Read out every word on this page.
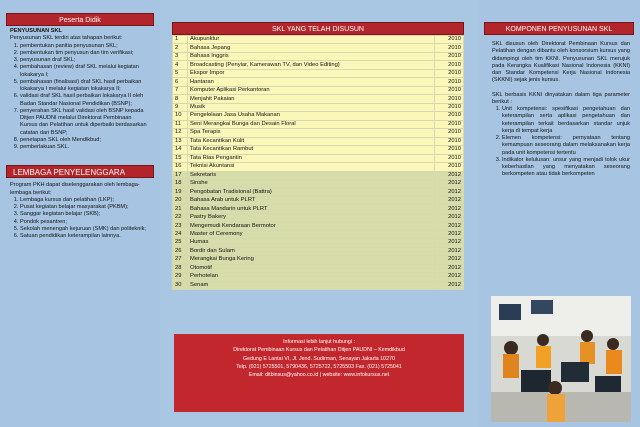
Peserta Didik

PENYUSUNAN SKL

Penyusunan SKL terdiri atas tahapan berikut:

1. pembentukan panitia penyusunan SKL;
2. pembentukan tim penyusun dan tim verifikasi;
3. penyusunan draf SKL;
4. pembahasan (review) draf SKL melalui kegiatan lokakarya I;
5. pembahasan (finalisasi) draf SKL hasil perbaikan lokakarya I melalui kegiatan lokakarya II;
6. validasi draf SKL hasil perbaikan lokakarya II oleh Badan Standar Nasional Pendidikan (BSNP);
7. penyerahan SKL hasil validasi oleh BSNP kepada Ditjen PAUDNI melalui Direktorat Pembinaan Kursus dan Pelatihan untuk diperbaiki berdasarkan catatan dari BSNP;
8. penetapan SKL oleh Mendikbud;
9. pemberlakuan SKL.
LEMBAGA PENYELENGGARA

Program PKH dapat diselenggarakan oleh lembaga-lembaga berikut:

1. Lembaga kursus dan pelatihan (LKP);
2. Pusat kegiatan belajar masyarakat (PKBM);
3. Sanggar kegiatan belajar (SKB);
4. Pondok pesantren;
5. Sekolah menengah kejuruan (SMK) dan politeknik;
6. Satuan pendidikan keterampilan lainnya.
SKL YANG TELAH DISUSUN
1	Akupunktur	2010
2	Bahasa Jepang	2010
3	Bahasa Inggris	2010
4	Broadcasting (Penyiar, Kamerawan TV, dan Video Editing)	2010
5	Ekspor Impor	2010
6	Hantaran	2010
7	Komputer Aplikasi Perkantoran	2010
8	Menjahit Pakaian	2010
9	Musik	2010
10	Pengelolaan Jasa Usaha Makanan	2010
11	Seni Merangkai Bunga dan Desain Floral	2010
12	Spa Terapis	2010
13	Tata Kecantikan Kulit	2010
14	Tata Kecantikan Rambut	2010
15	Tata Rias Pengantin	2010
16	Teknisi Akuntansi	2010
17	Sekretaris	2012
18	Sinshe	2012
19	Pengobatan Tradisional (Battra)	2012
20	Bahasa Arab untuk PLRT	2012
21	Bahasa Mandarin untuk PLRT	2012
22	Pastry Bakery	2012
23	Mengemudi Kendaraan Bermotor	2012
24	Master of Ceremony	2012
25	Humas	2012
26	Bordir dan Sulam	2012
27	Merangkai Bunga Kering	2012
28	Otomotif	2012
29	Perhotelan	2012
30	Senam	2012
Informasi lebih lanjut hubungi :
Direktorat Pembinaan Kursus dan Pelatihan Ditjen PAUDNI – Kemdikbud
Gedung E Lantai VI, Jl. Jend. Sudirman, Senayan Jakarta 10270
Telp. (021) 5725501, 5790436, 5725722, 5725503 Fax. (021) 5725041
Email: ditbinsus@yahoo.co.id | website: www.infokursus.net
KOMPONEN PENYUSUNAN SKL

SKL disusun oleh Direktorat Pembinaan Kursus dan Pelatihan dengan dibantu oleh konsorsium kursus yang didampingi oleh tim KKNI. Penyusunan SKL merujuk pada Kerangka Kualifikasi Nasional Indonesia (KKNI) dan Standar Kompetensi Kerja Nasional Indonesia (SKKNI) sejak jenis kursus.

SKL berbasis KKNI dinyatakan dalam tiga parameter berikut :

1. Unit kompetensi: spesifikasi pengetahuan dan keterampilan serta aplikasi pengetahuan dan keterampilan terkait berdasarkan standar unjuk kerja di tempat kerja
2. Elemen kompetensi: pernyataan tentang kemampuan seseorang dalam melaksanakan kerja pada unit kompetensi tertentu
3. Indikator kelulusan: unsur yang menjadi tolok ukur keberhasilan yang menyatakan seseorang berkompeten atau tidak berkompeten
